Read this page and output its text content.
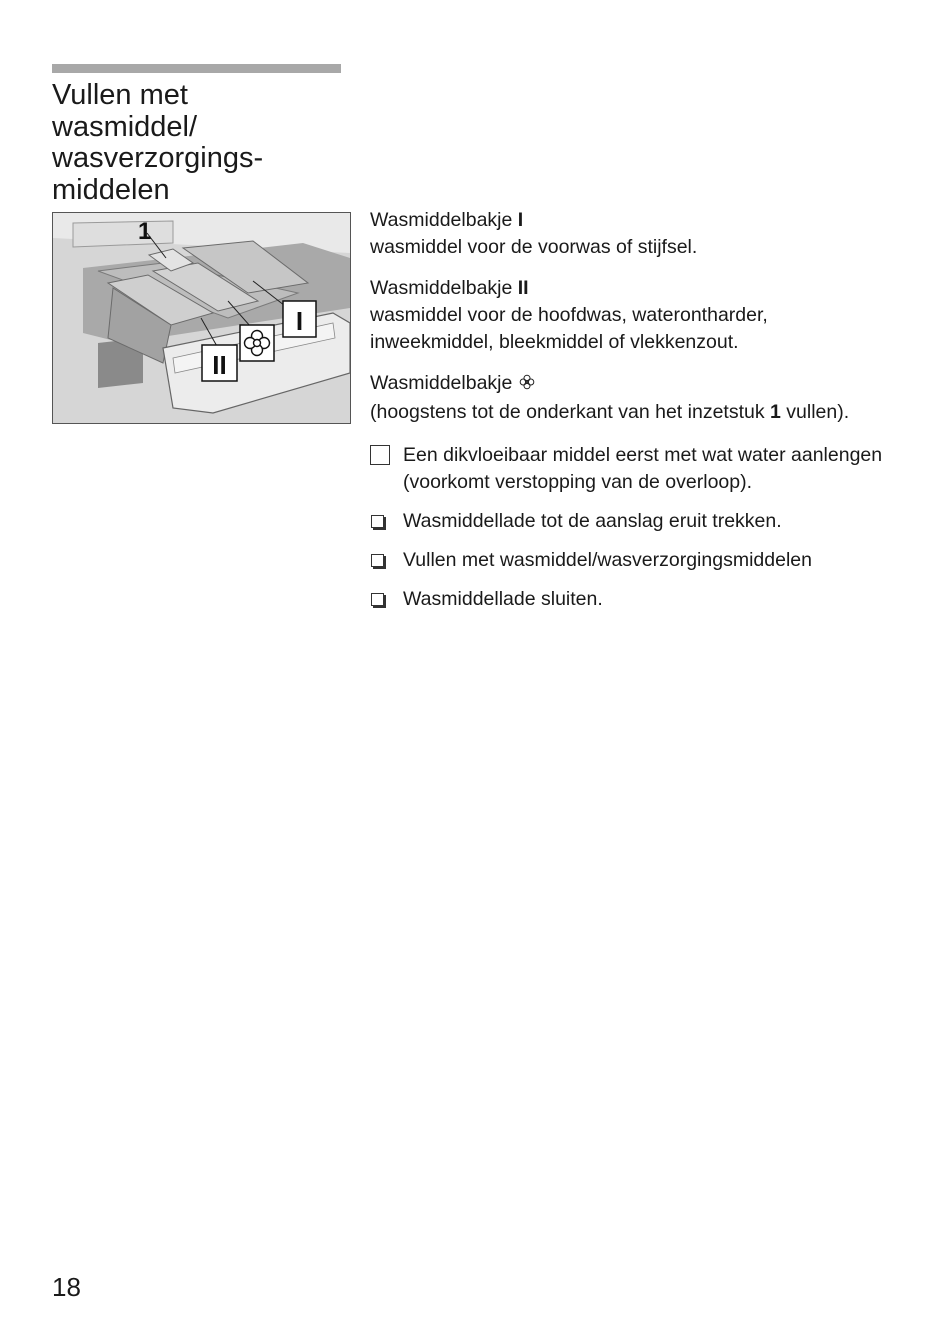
Vullen met
wasmiddel/
wasverzorgings-
middelen
1
I
II

Wasmiddelbakje I

wasmiddel voor de voorwas of stijfsel.

Wasmiddelbakje II

wasmiddel voor de hoofdwas, waterontharder, inweekmiddel, bleekmiddel of vlekkenzout.

Wasmiddelbakje

(hoogstens tot de onderkant van het inzetstuk 1 vullen).

Een dikvloeibaar middel eerst met wat water aanlengen (voorkomt verstopping van de overloop).
Wasmiddellade tot de aanslag eruit trekken.
Vullen met wasmiddel/wasverzorgingsmiddelen
Wasmiddellade sluiten.
18
